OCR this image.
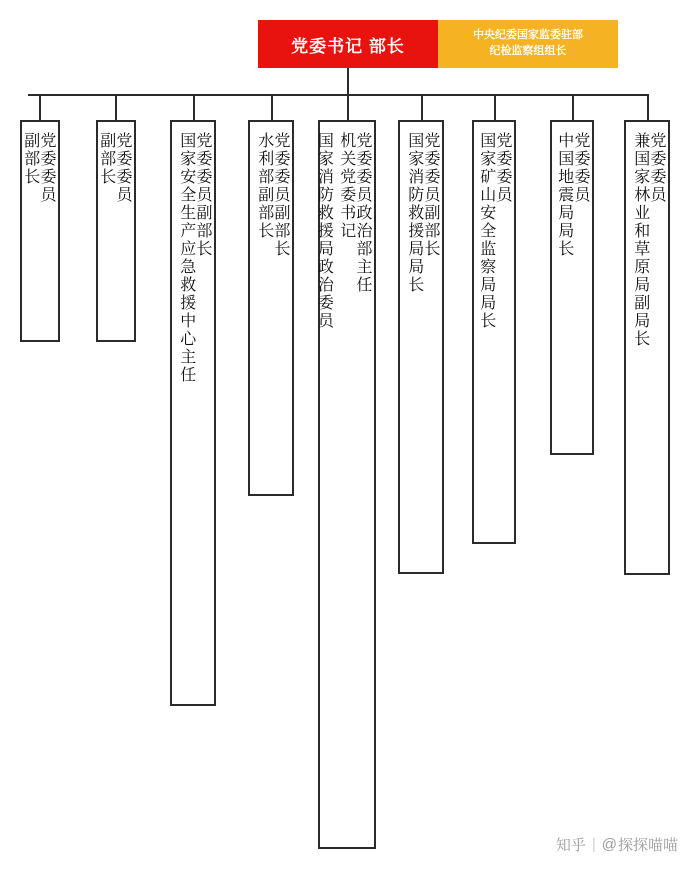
党委书记 部长
中央纪委国家监委驻部
纪检监察组组长
党委委员
副部长	党委委员
副部长	党委委员副部长
国家安全生产应急救援中心主任	党委委员副部长
水利部副部长	党委委员政治部主任
机关党委书记
国家消防救援局政治委员	党委委员副部长
国家消防救援局局长	党委委员
国家矿山安全监察局局长	党委委员
中国地震局局长	党委委员
兼国家林业和草原局副局长
知乎 | @ 探探喵喵
